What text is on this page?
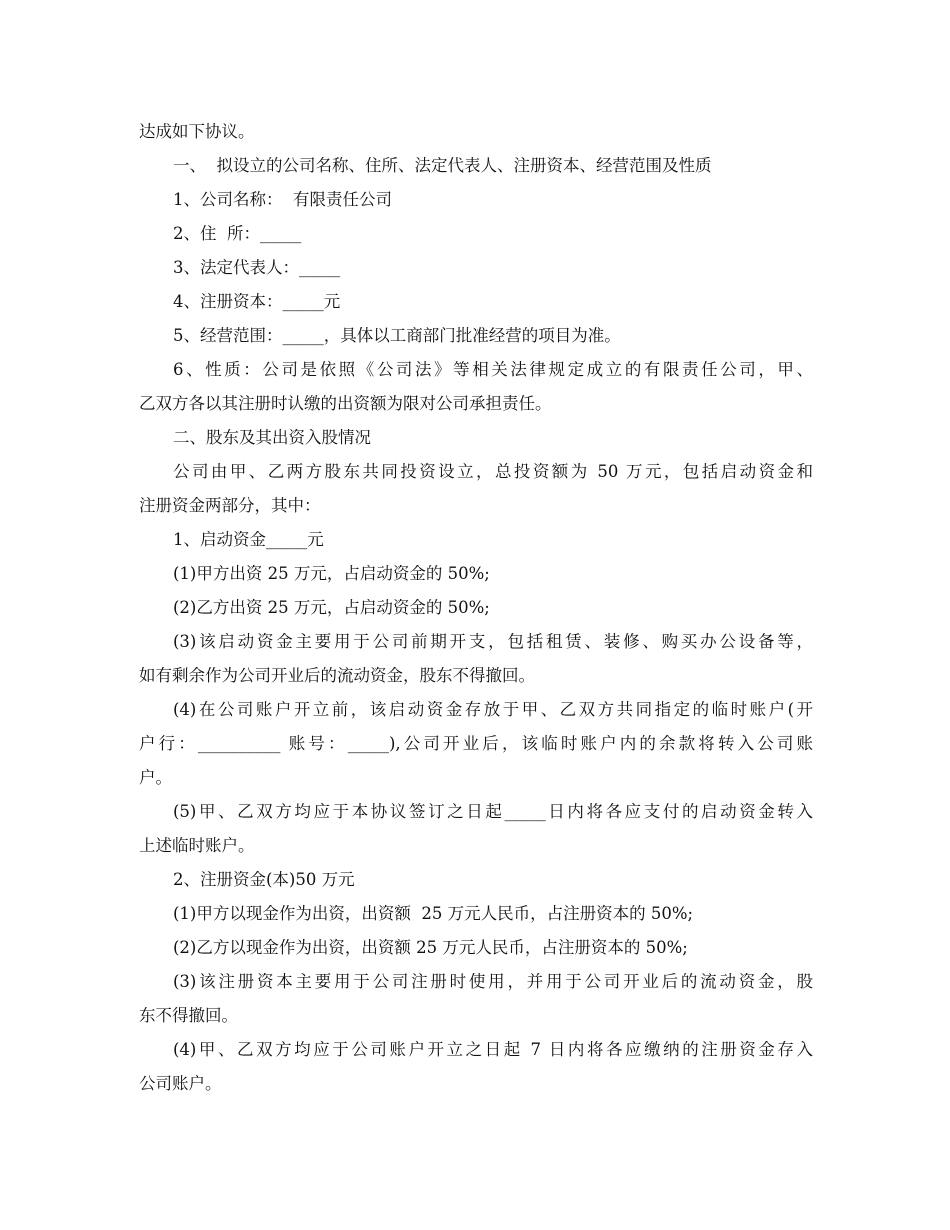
达成如下协议。
一、  拟设立的公司名称、住所、法定代表人、注册资本、经营范围及性质
1、公司名称：  有限责任公司
2、住  所：_____
3、法定代表人：_____
4、注册资本：_____元
5、经营范围：_____，具体以工商部门批准经营的项目为准。
6、性质：公司是依照《公司法》等相关法律规定成立的有限责任公司，甲、
乙双方各以其注册时认缴的出资额为限对公司承担责任。
二、股东及其出资入股情况
公司由甲、乙两方股东共同投资设立，总投资额为 50 万元，包括启动资金和
注册资金两部分，其中：
1、启动资金_____元
(1)甲方出资 25 万元，占启动资金的 50%;
(2)乙方出资 25 万元，占启动资金的 50%;
(3)该启动资金主要用于公司前期开支，包括租赁、装修、购买办公设备等，
如有剩余作为公司开业后的流动资金，股东不得撤回。
(4)在公司账户开立前，该启动资金存放于甲、乙双方共同指定的临时账户(开
户行：__________ 账号：_____),公司开业后，该临时账户内的余款将转入公司账
户。
(5)甲、乙双方均应于本协议签订之日起_____日内将各应支付的启动资金转入
上述临时账户。
2、注册资金(本)50 万元
(1)甲方以现金作为出资，出资额  25 万元人民币，占注册资本的 50%;
(2)乙方以现金作为出资，出资额 25 万元人民币，占注册资本的 50%;
(3)该注册资本主要用于公司注册时使用，并用于公司开业后的流动资金，股
东不得撤回。
(4)甲、乙双方均应于公司账户开立之日起 7 日内将各应缴纳的注册资金存入
公司账户。
